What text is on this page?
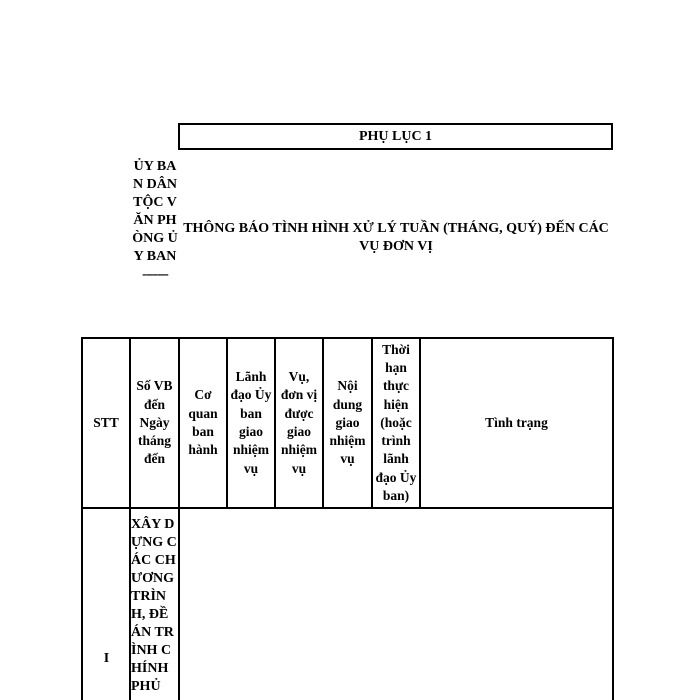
PHỤ LỤC 1
ỦY BAN DÂN TỘC VĂN PHÒNG ỦY BAN
-------
THÔNG BÁO TÌNH HÌNH XỬ LÝ TUẦN (THÁNG, QUÝ) ĐẾN CÁC VỤ ĐƠN VỊ
STT
Số VB đến Ngày tháng đến
Cơ quan ban hành
Lãnh đạo Ủy ban giao nhiệm vụ
Vụ, đơn vị được giao nhiệm vụ
Nội dung giao nhiệm vụ
Thời hạn thực hiện (hoặc trình lãnh đạo Ủy ban)
Tình trạng
I
XÂY DỰNG CÁC CHƯƠNG TRÌNH, ĐỀ ÁN TRÌNH CHÍNH PHỦ
